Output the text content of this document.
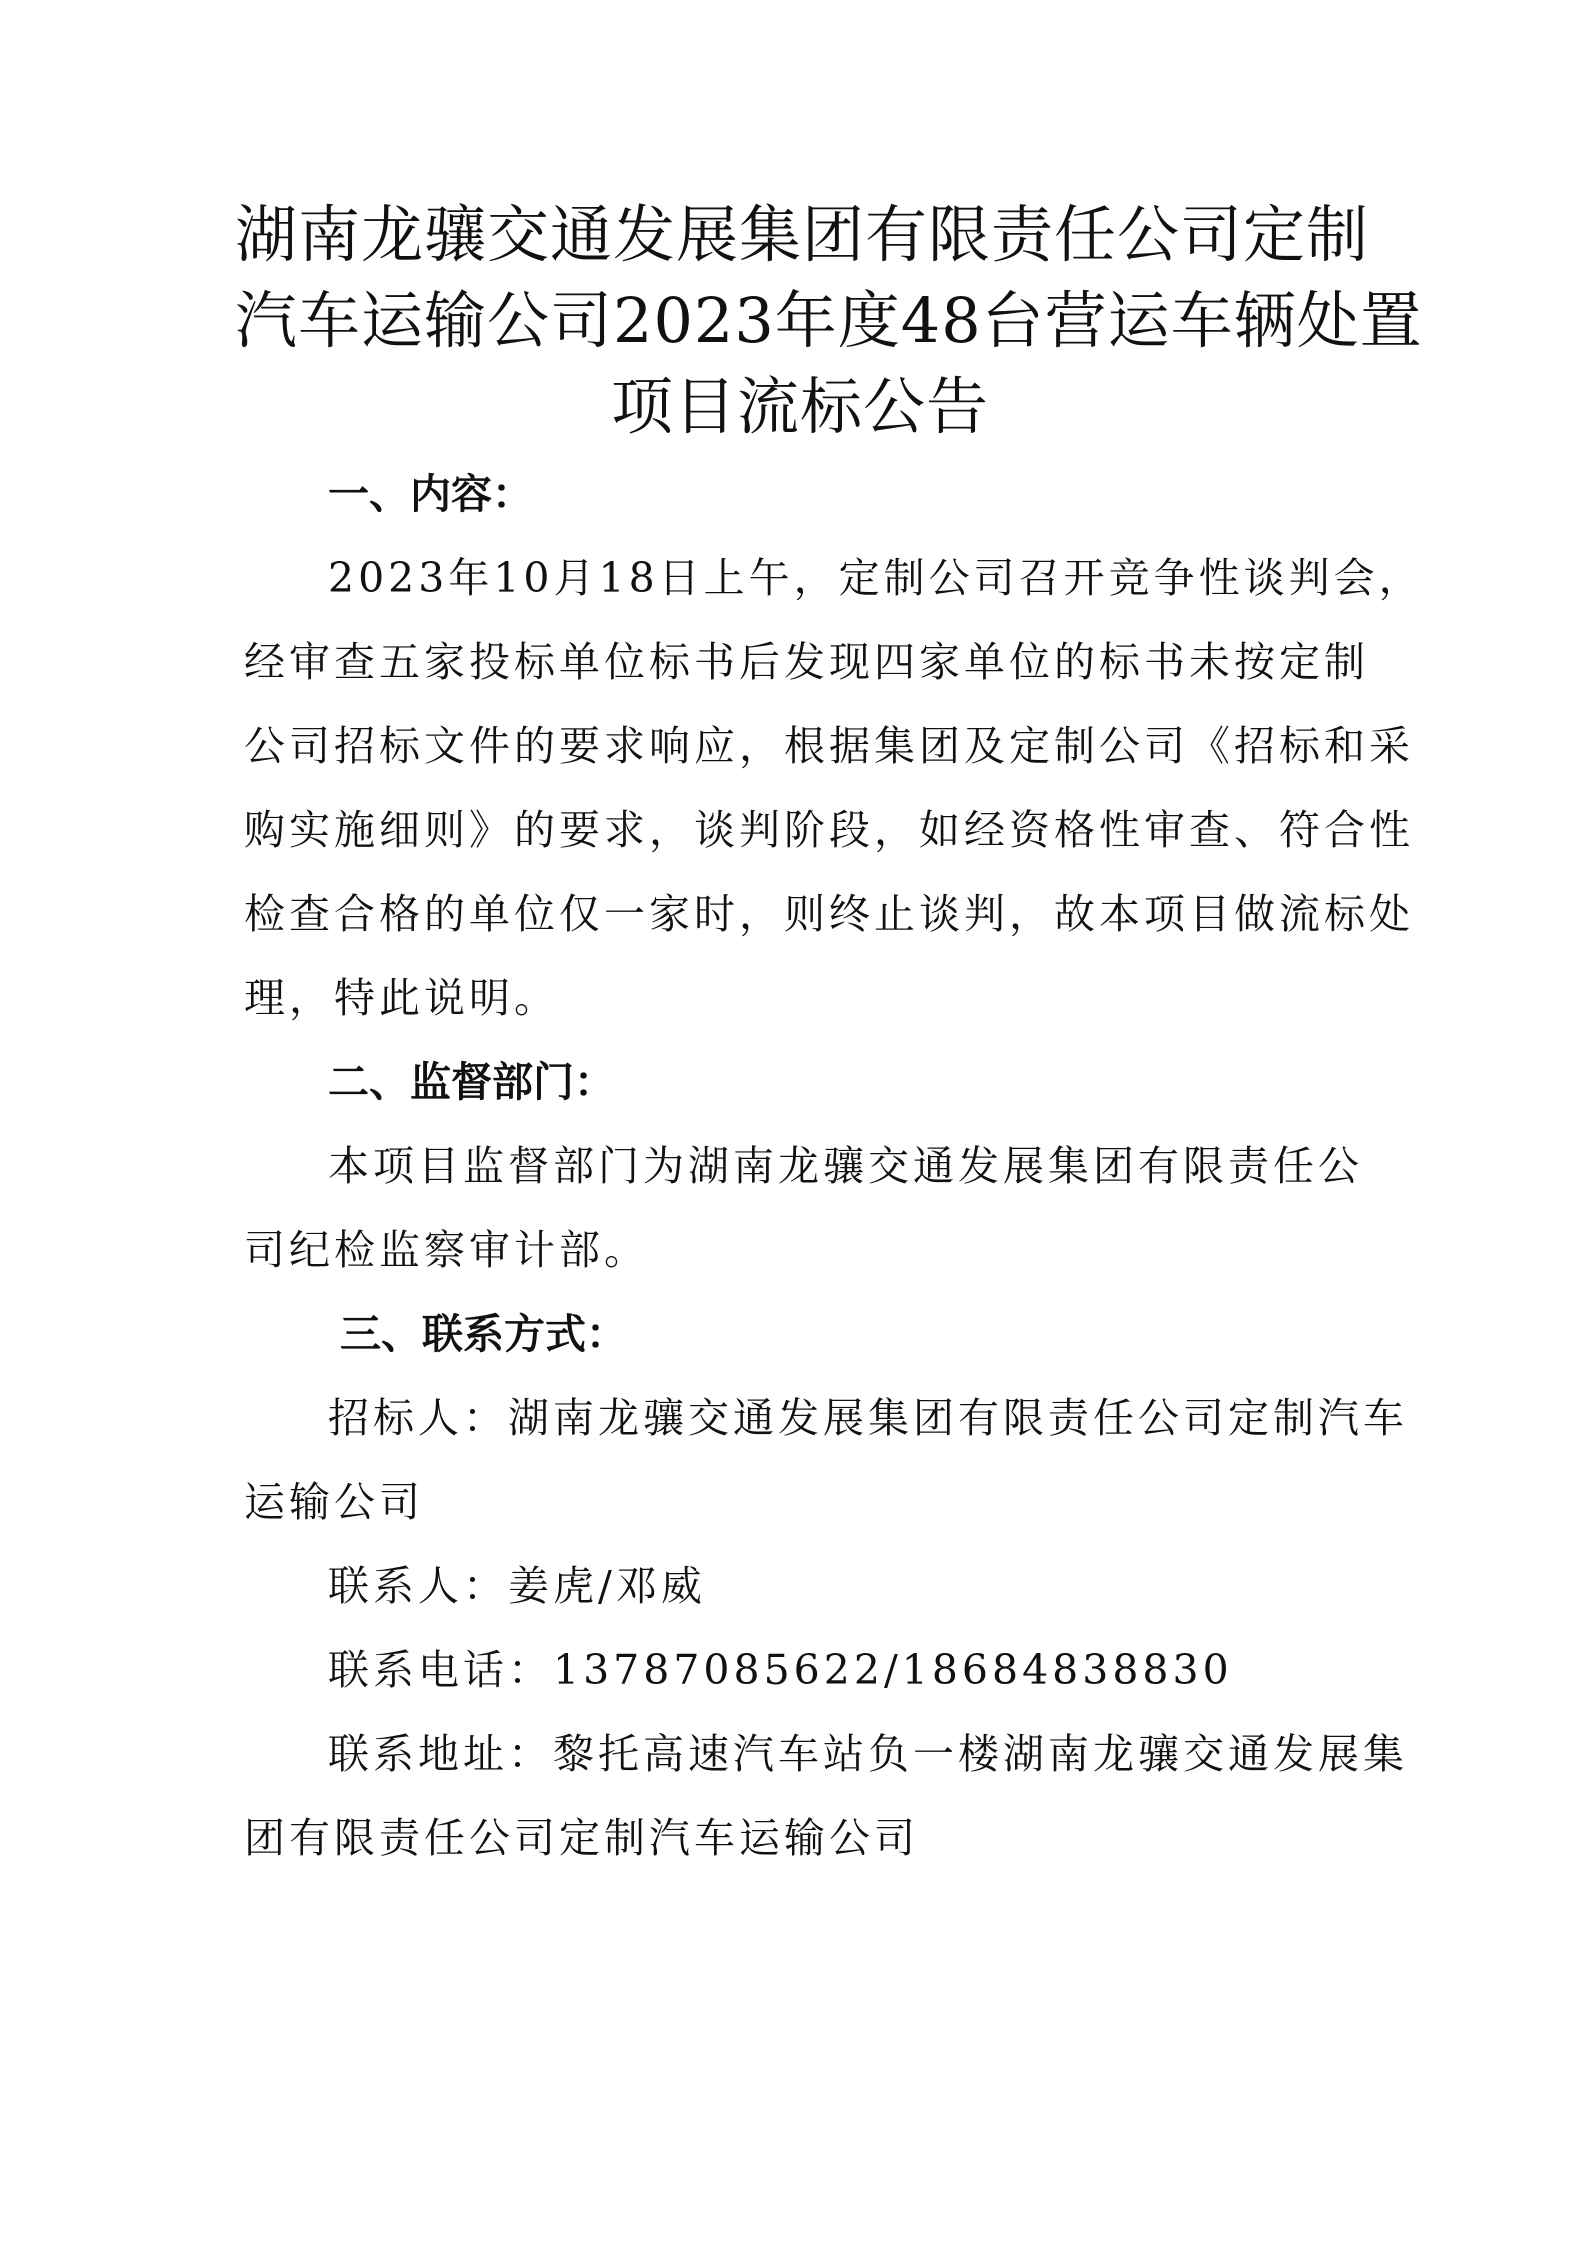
湖南龙骧交通发展集团有限责任公司定制
汽车运输公司2023年度48台营运车辆处置
项目流标公告

一、内容：

2023年10月18日上午，定制公司召开竞争性谈判会，
经审查五家投标单位标书后发现四家单位的标书未按定制
公司招标文件的要求响应，根据集团及定制公司《招标和采
购实施细则》的要求，谈判阶段，如经资格性审查、符合性
检查合格的单位仅一家时，则终止谈判，故本项目做流标处
理，特此说明。

二、监督部门：

本项目监督部门为湖南龙骧交通发展集团有限责任公
司纪检监察审计部。

三、联系方式：

招标人：湖南龙骧交通发展集团有限责任公司定制汽车
运输公司

联系人：姜虎/邓威

联系电话：13787085622/18684838830

联系地址：黎托高速汽车站负一楼湖南龙骧交通发展集
团有限责任公司定制汽车运输公司
